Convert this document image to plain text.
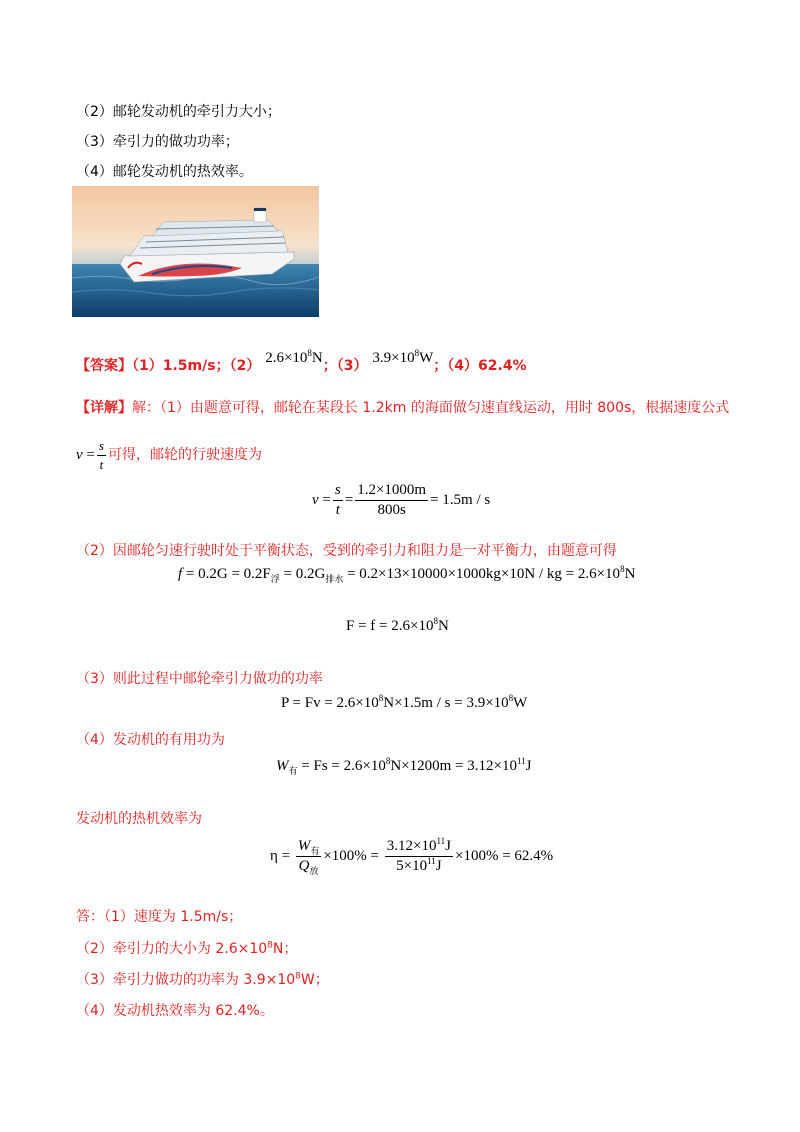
（2）邮轮发动机的牵引力大小；
（3）牵引力的做功功率；
（4）邮轮发动机的热效率。
【答案】（1）1.5m/s；（2） $2.6\times 10^8N$；（3） $3.9\times 10^8W$；（4）62.4%
【详解】解：（1）由题意可得，邮轮在某段长 1.2km 的海面做匀速直线运动，用时 800s，根据速度公式
$v = \frac{s}{t}$ 可得，邮轮的行驶速度为
$v = \frac{s}{t} = \frac{1.2\times 1000m}{800s} = 1.5m / s$
（2）因邮轮匀速行驶时处于平衡状态，受到的牵引力和阻力是一对平衡力，由题意可得
$f = 0.2G = 0.2F_浮 = 0.2G_{排水} = 0.2\times 13\times 10000\times 1000kg\times 10N$ / kg = $2.6\times 10^8N$
$F = f = 2.6\times 10^8N$
（3）则此过程中邮轮牵引力做功的功率
$P = Fv = 2.6\times 10^8N\times 1.5m / s = 3.9\times 10^8W$
（4）发动机的有用功为
$W_有 = Fs = 2.6\times 10^8N\times 1200m = 3.12\times 10^{11}J$
发动机的热机效率为
$\eta = \frac{W_有}{Q_放} \times 100\% = \frac{3.12\times 10^{11}J}{5\times 10^{11}J} \times 100\% = 62.4\%$
答：（1）速度为 1.5m/s；
（2）牵引力的大小为 $2.6\times 10^8N$；
（3）牵引力做功的功率为 $3.9\times 10^8W$；
（4）发动机热效率为 62.4%。
